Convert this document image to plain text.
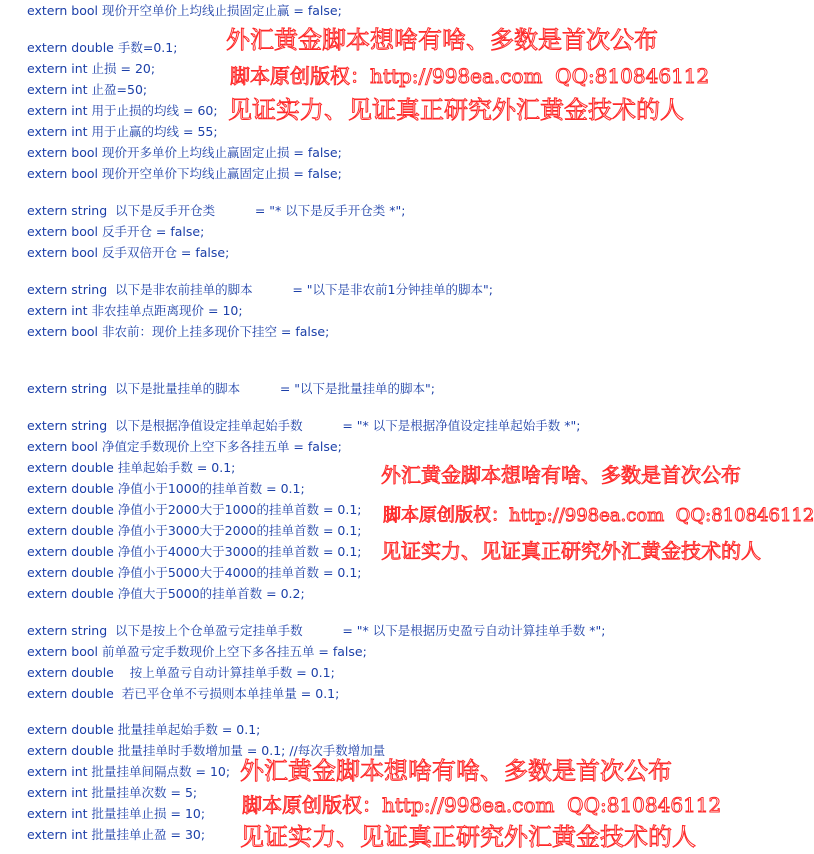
extern bool 现价开空单价上均线止损固定止赢 = false;
extern double 手数=0.1;
extern int 止损 = 20;
extern int 止盈=50;
extern int 用于止损的均线 = 60;
extern int 用于止赢的均线 = 55;
extern bool 现价开多单价上均线止赢固定止损 = false;
extern bool 现价开空单价下均线止赢固定止损 = false;
extern string  以下是反手开仓类          = "* 以下是反手开仓类 *";
extern bool 反手开仓 = false;
extern bool 反手双倍开仓 = false;
extern string  以下是非农前挂单的脚本          = "以下是非农前1分钟挂单的脚本";
extern int 非农挂单点距离现价 = 10;
extern bool 非农前：现价上挂多现价下挂空 = false;
extern string  以下是批量挂单的脚本          = "以下是批量挂单的脚本";
extern string  以下是根据净值设定挂单起始手数          = "* 以下是根据净值设定挂单起始手数 *";
extern bool 净值定手数现价上空下多各挂五单 = false;
extern double 挂单起始手数 = 0.1;
extern double 净值小于1000的挂单首数 = 0.1;
extern double 净值小于2000大于1000的挂单首数 = 0.1;
extern double 净值小于3000大于2000的挂单首数 = 0.1;
extern double 净值小于4000大于3000的挂单首数 = 0.1;
extern double 净值小于5000大于4000的挂单首数 = 0.1;
extern double 净值大于5000的挂单首数 = 0.2;
extern string  以下是按上个仓单盈亏定挂单手数          = "* 以下是根据历史盈亏自动计算挂单手数 *";
extern bool 前单盈亏定手数现价上空下多各挂五单 = false;
extern double    按上单盈亏自动计算挂单手数 = 0.1;
extern double  若已平仓单不亏损则本单挂单量 = 0.1;
extern double 批量挂单起始手数 = 0.1;
extern double 批量挂单时手数增加量 = 0.1; //每次手数增加量
extern int 批量挂单间隔点数 = 10;
extern int 批量挂单次数 = 5;
extern int 批量挂单止损 = 10;
extern int 批量挂单止盈 = 30;
外汇黄金脚本想啥有啥、多数是首次公布
脚本原创版权：http://998ea.com  QQ:810846112
见证实力、见证真正研究外汇黄金技术的人
外汇黄金脚本想啥有啥、多数是首次公布
脚本原创版权：http://998ea.com  QQ:810846112
见证实力、见证真正研究外汇黄金技术的人
外汇黄金脚本想啥有啥、多数是首次公布
脚本原创版权：http://998ea.com  QQ:810846112
见证实力、见证真正研究外汇黄金技术的人
